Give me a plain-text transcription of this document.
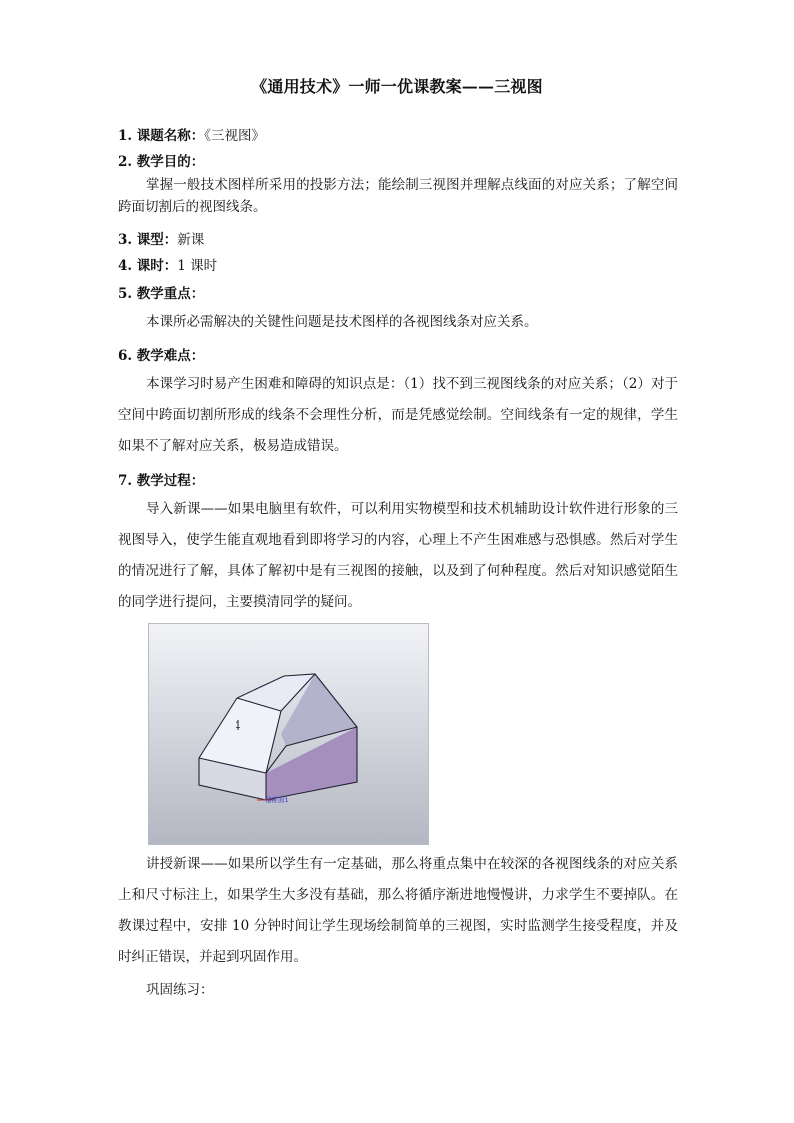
《通用技术》一师一优课教案——三视图
1. 课题名称：《三视图》
2. 教学目的：
掌握一般技术图样所采用的投影方法；能绘制三视图并理解点线面的对应关系；了解空间跨面切割后的视图线条。
3. 课型：新课
4. 课时：1 课时
5. 教学重点：
本课所必需解决的关键性问题是技术图样的各视图线条对应关系。
6. 教学难点：
本课学习时易产生困难和障碍的知识点是：（1）找不到三视图线条的对应关系；（2）对于空间中跨面切割所形成的线条不会理性分析，而是凭感觉绘制。空间线条有一定的规律，学生如果不了解对应关系，极易造成错误。
7. 教学过程：
导入新课——如果电脑里有软件，可以利用实物模型和技术机辅助设计软件进行形象的三视图导入，使学生能直观地看到即将学习的内容，心理上不产生困难感与恐惧感。然后对学生的情况进行了解，具体了解初中是有三视图的接触，以及到了何种程度。然后对知识感觉陌生的同学进行提问，主要摸清同学的疑问。
1
基准面1
讲授新课——如果所以学生有一定基础，那么将重点集中在较深的各视图线条的对应关系上和尺寸标注上，如果学生大多没有基础，那么将循序渐进地慢慢讲，力求学生不要掉队。在教课过程中，安排 10 分钟时间让学生现场绘制简单的三视图，实时监测学生接受程度，并及时纠正错误，并起到巩固作用。
巩固练习：
